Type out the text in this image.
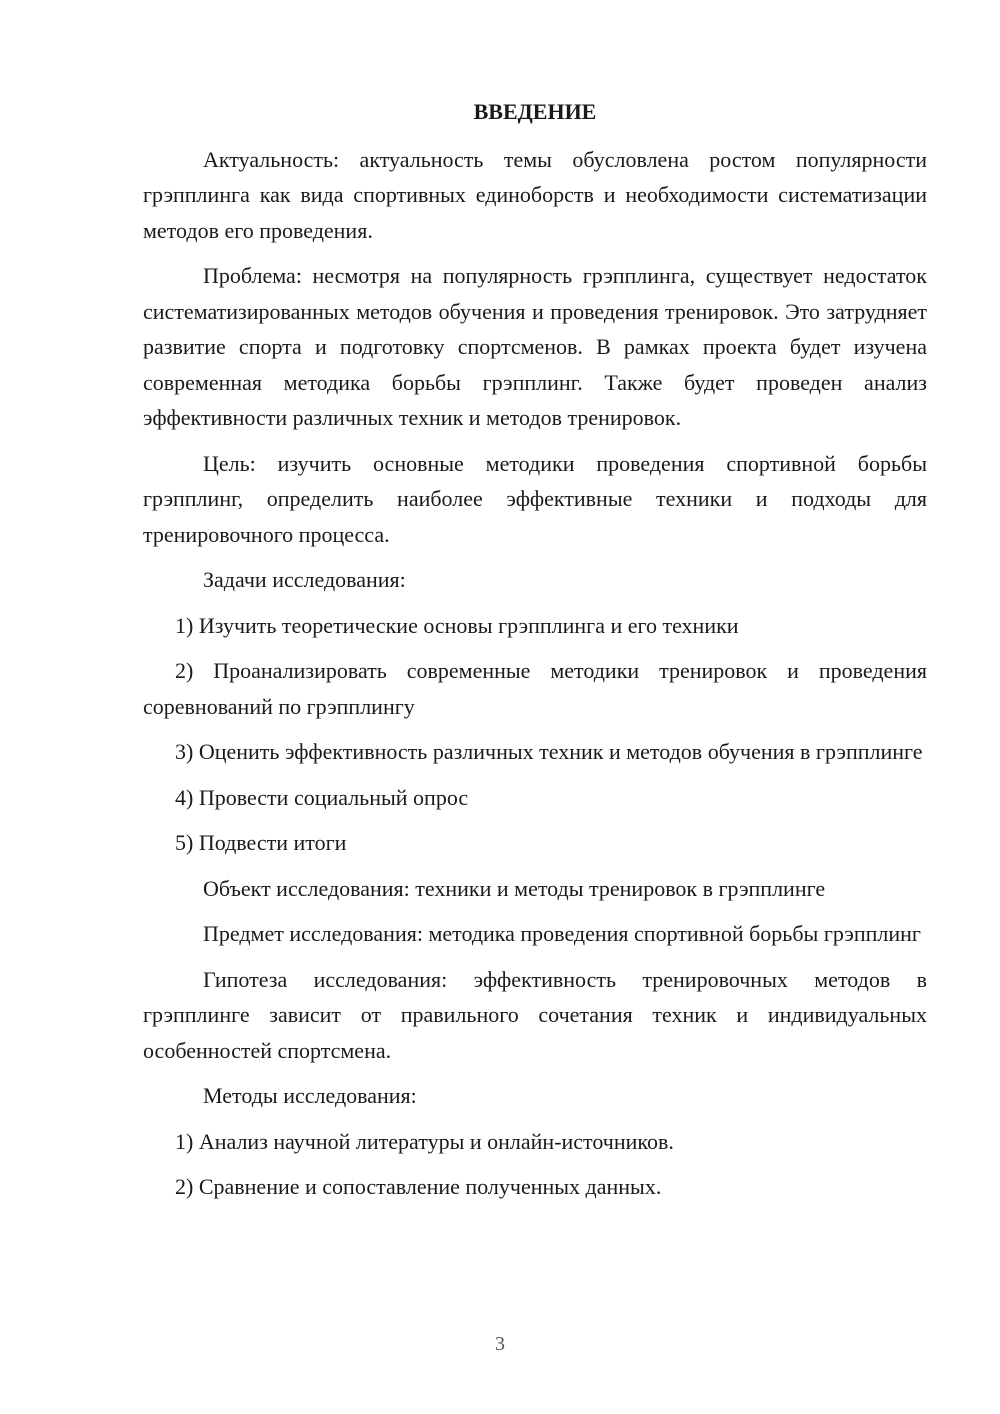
ВВЕДЕНИЕ

Актуальность: актуальность темы обусловлена ростом популярности грэпплинга как вида спортивных единоборств и необходимости систематизации методов его проведения.

Проблема: несмотря на популярность грэпплинга, существует недостаток систематизированных методов обучения и проведения тренировок. Это затрудняет развитие спорта и подготовку спортсменов. В рамках проекта будет изучена современная методика борьбы грэпплинг. Также будет проведен анализ эффективности различных техник и методов тренировок.

Цель: изучить основные методики проведения спортивной борьбы грэпплинг, определить наиболее эффективные техники и подходы для тренировочного процесса.

Задачи исследования:

1) Изучить теоретические основы грэпплинга и его техники

2) Проанализировать современные методики тренировок и проведения соревнований по грэпплингу

3) Оценить эффективность различных техник и методов обучения в грэпплинге

4) Провести социальный опрос

5) Подвести итоги

Объект исследования: техники и методы тренировок в грэпплинге

Предмет исследования: методика проведения спортивной борьбы грэпплинг

Гипотеза исследования: эффективность тренировочных методов в грэпплинге зависит от правильного сочетания техник и индивидуальных особенностей спортсмена.

Методы исследования:

1) Анализ научной литературы и онлайн-источников.

2) Сравнение и сопоставление полученных данных.

3
